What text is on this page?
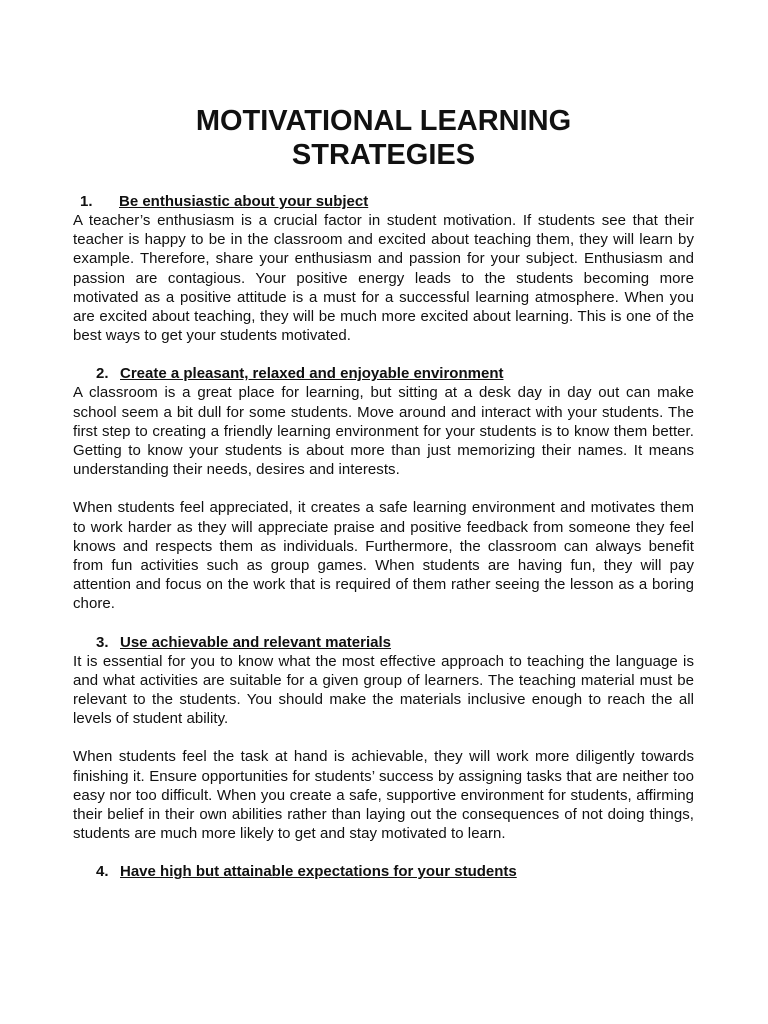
MOTIVATIONAL LEARNING
STRATEGIES
1.	Be enthusiastic about your subject

A teacher’s enthusiasm is a crucial factor in student motivation. If students see that their teacher is happy to be in the classroom and excited about teaching them, they will learn by example. Therefore, share your enthusiasm and passion for your subject. Enthusiasm and passion are contagious. Your positive energy leads to the students becoming more motivated as a positive attitude is a must for a successful learning atmosphere. When you are excited about teaching, they will be much more excited about learning. This is one of the best ways to get your students motivated.

2. Create a pleasant, relaxed and enjoyable environment

A classroom is a great place for learning, but sitting at a desk day in day out can make school seem a bit dull for some students. Move around and interact with your students. The first step to creating a friendly learning environment for your students is to know them better. Getting to know your students is about more than just memorizing their names. It means understanding their needs, desires and interests.

When students feel appreciated, it creates a safe learning environment and motivates them to work harder as they will appreciate praise and positive feedback from someone they feel knows and respects them as individuals. Furthermore, the classroom can always benefit from fun activities such as group games. When students are having fun, they will pay attention and focus on the work that is required of them rather seeing the lesson as a boring chore.

3. Use achievable and relevant materials

It is essential for you to know what the most effective approach to teaching the language is and what activities are suitable for a given group of learners. The teaching material must be relevant to the students. You should make the materials inclusive enough to reach the all levels of student ability.

When students feel the task at hand is achievable, they will work more diligently towards finishing it. Ensure opportunities for students’ success by assigning tasks that are neither too easy nor too difficult. When you create a safe, supportive environment for students, affirming their belief in their own abilities rather than laying out the consequences of not doing things, students are much more likely to get and stay motivated to learn.

4. Have high but attainable expectations for your students
